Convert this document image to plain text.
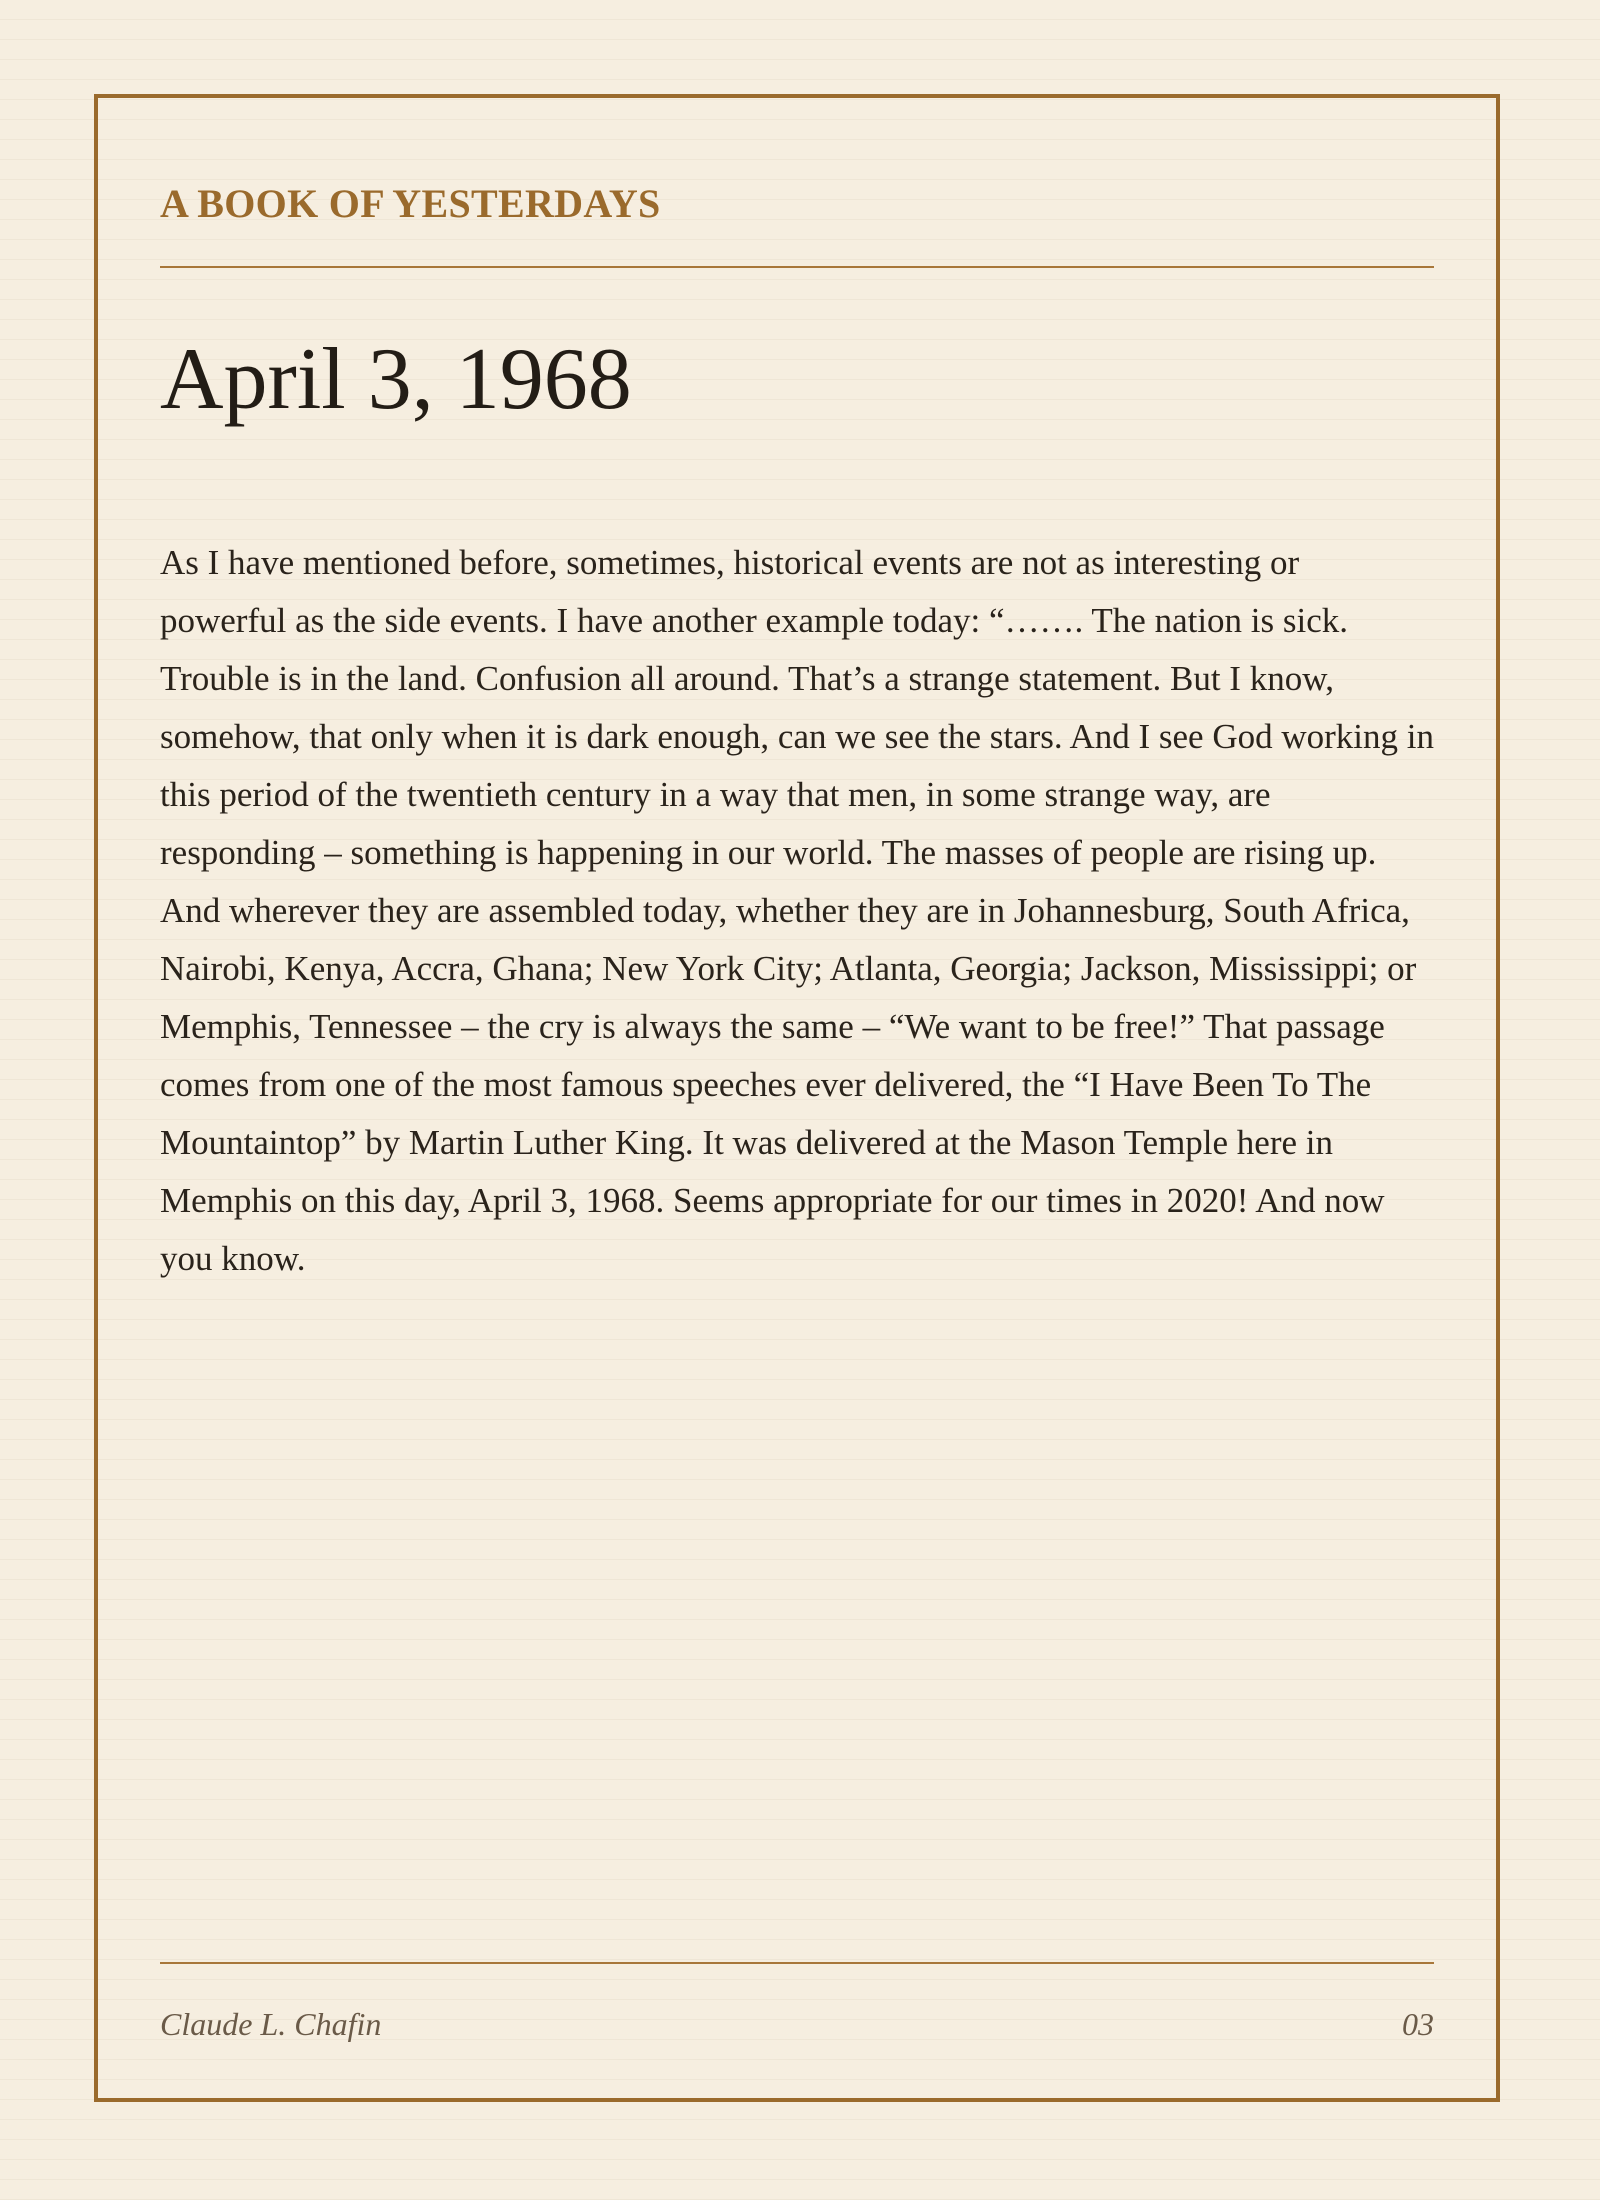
A BOOK OF YESTERDAYS
April 3, 1968

As I have mentioned before, sometimes, historical events are not as interesting or powerful as the side events. I have another example today: “……. The nation is sick. Trouble is in the land. Confusion all around. That’s a strange statement. But I know, somehow, that only when it is dark enough, can we see the stars. And I see God working in this period of the twentieth century in a way that men, in some strange way, are responding – something is happening in our world. The masses of people are rising up. And wherever they are assembled today, whether they are in Johannesburg, South Africa, Nairobi, Kenya, Accra, Ghana; New York City; Atlanta, Georgia; Jackson, Mississippi; or Memphis, Tennessee – the cry is always the same – “We want to be free!” That passage comes from one of the most famous speeches ever delivered, the “I Have Been To The Mountaintop” by Martin Luther King. It was delivered at the Mason Temple here in Memphis on this day, April 3, 1968. Seems appropriate for our times in 2020! And now you know.

Claude L. Chafin	03
